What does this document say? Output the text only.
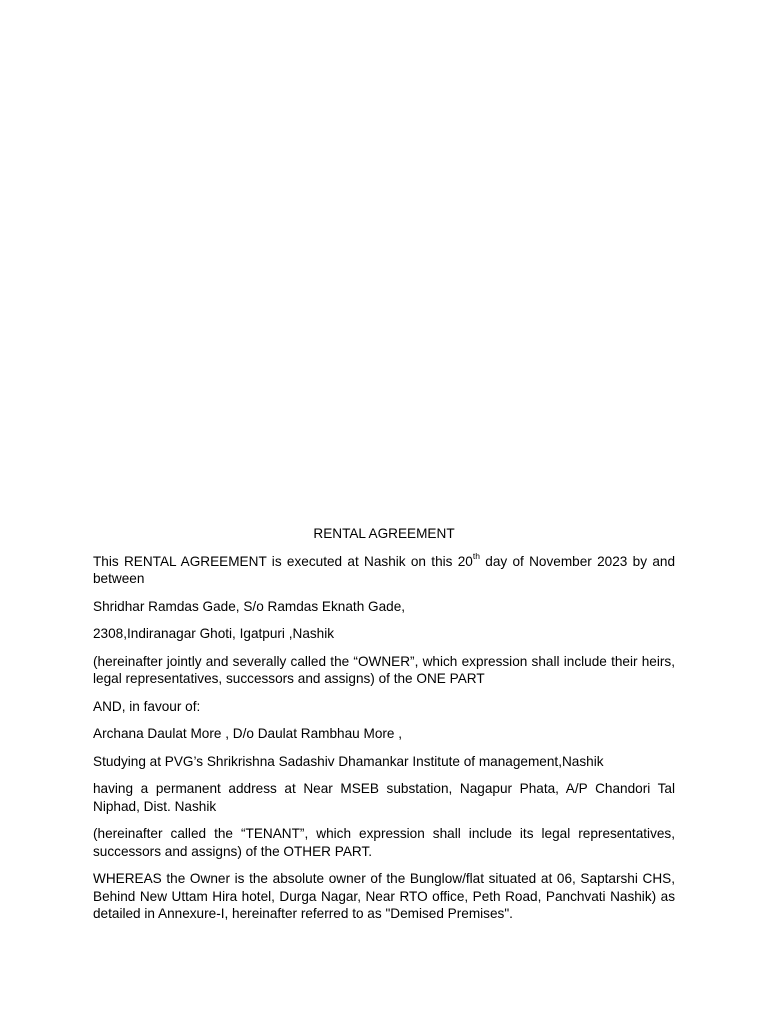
RENTAL AGREEMENT

This RENTAL AGREEMENT is executed at Nashik on this 20th day of November 2023 by and between

Shridhar Ramdas Gade, S/o Ramdas Eknath Gade,

2308,Indiranagar Ghoti, Igatpuri ,Nashik

(hereinafter jointly and severally called the “OWNER”, which expression shall include their heirs, legal representatives, successors and assigns) of the ONE PART

AND, in favour of:

Archana Daulat More , D/o Daulat Rambhau More ,

Studying at PVG’s Shrikrishna Sadashiv Dhamankar Institute of management,Nashik

having a permanent address at Near MSEB substation, Nagapur Phata, A/P Chandori Tal Niphad, Dist. Nashik

(hereinafter called the “TENANT”, which expression shall include its legal representatives, successors and assigns) of the OTHER PART.

WHEREAS the Owner is the absolute owner of the Bunglow/flat situated at 06, Saptarshi CHS, Behind New Uttam Hira hotel, Durga Nagar, Near RTO office, Peth Road, Panchvati Nashik) as detailed in Annexure-I, hereinafter referred to as "Demised Premises".
